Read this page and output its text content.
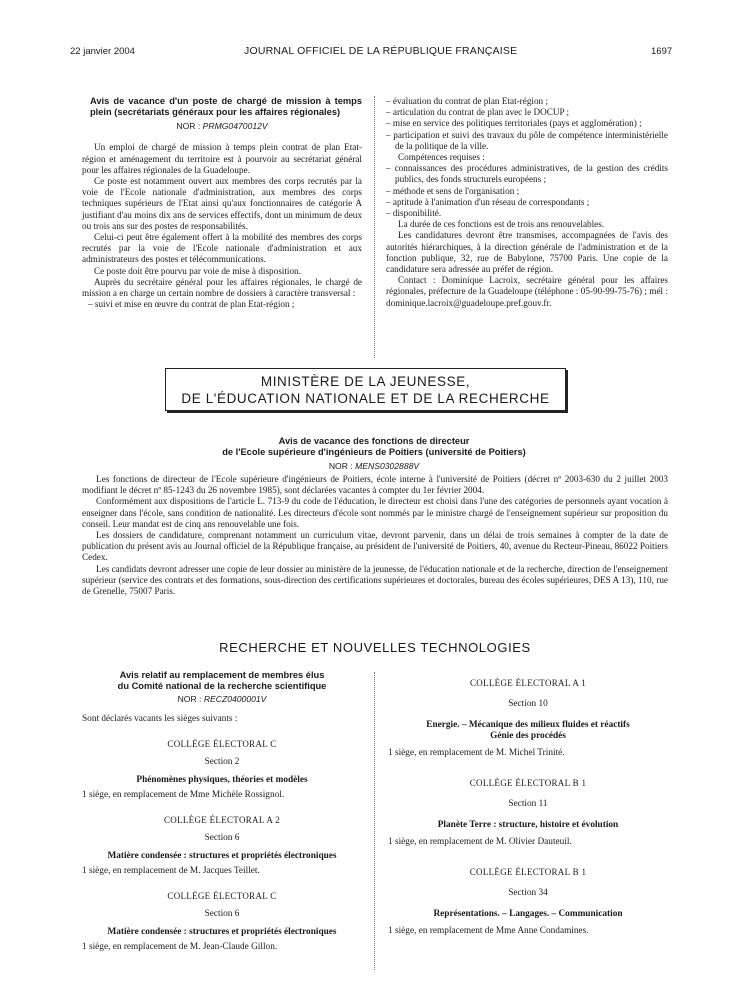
22 janvier 2004	JOURNAL OFFICIEL DE LA RÉPUBLIQUE FRANÇAISE	1697
Avis de vacance d'un poste de chargé de mission à temps plein (secrétariats généraux pour les affaires régionales)
NOR : PRMG0470012V

Un emploi de chargé de mission à temps plein contrat de plan Etat-région et aménagement du territoire est à pourvoir au secrétariat général pour les affaires régionales de la Guadeloupe.

Ce poste est notamment ouvert aux membres des corps recrutés par la voie de l'Ecole nationale d'administration, aux membres des corps techniques supérieurs de l'Etat ainsi qu'aux fonctionnaires de catégorie A justifiant d'au moins dix ans de services effectifs, dont un minimum de deux ou trois ans sur des postes de responsabilités.

Celui-ci peut être également offert à la mobilité des membres des corps recrutés par la voie de l'Ecole nationale d'administration et aux administrateurs des postes et télécommunications.

Ce poste doit être pourvu par voie de mise à disposition.

Auprès du secrétaire général pour les affaires régionales, le chargé de mission a en charge un certain nombre de dossiers à caractère transversal :

– suivi et mise en œuvre du contrat de plan Etat-région ;

– évaluation du contrat de plan Etat-région ;

– articulation du contrat de plan avec le DOCUP ;

– mise en service des politiques territoriales (pays et agglomération) ;

– participation et suivi des travaux du pôle de compétence interministérielle de la politique de la ville.

Compétences requises :

– connaissances des procédures administratives, de la gestion des crédits publics, des fonds structurels européens ;

– méthode et sens de l'organisation ;

– aptitude à l'animation d'un réseau de correspondants ;

– disponibilité.

La durée de ces fonctions est de trois ans renouvelables.

Les candidatures devront être transmises, accompagnées de l'avis des autorités hiérarchiques, à la direction générale de l'administration et de la fonction publique, 32, rue de Babylone, 75700 Paris. Une copie de la candidature sera adressée au préfet de région.

Contact : Dominique Lacroix, secrétaire général pour les affaires régionales, préfecture de la Guadeloupe (téléphone : 05-90-99-75-76) ; mél : dominique.lacroix@guadeloupe.pref.gouv.fr.

MINISTÈRE DE LA JEUNESSE,
DE L'ÉDUCATION NATIONALE ET DE LA RECHERCHE
Avis de vacance des fonctions de directeur
de l'Ecole supérieure d'ingénieurs de Poitiers (université de Poitiers)
NOR : MENS0302888V

Les fonctions de directeur de l'Ecole supérieure d'ingénieurs de Poitiers, école interne à l'université de Poitiers (décret nº 2003-630 du 2 juillet 2003 modifiant le décret nº 85-1243 du 26 novembre 1985), sont déclarées vacantes à compter du 1er février 2004.

Conformément aux dispositions de l'article L. 713-9 du code de l'éducation, le directeur est choisi dans l'une des catégories de personnels ayant vocation à enseigner dans l'école, sans condition de nationalité. Les directeurs d'école sont nommés par le ministre chargé de l'enseignement supérieur sur proposition du conseil. Leur mandat est de cinq ans renouvelable une fois.

Les dossiers de candidature, comprenant notamment un curriculum vitae, devront parvenir, dans un délai de trois semaines à compter de la date de publication du présent avis au Journal officiel de la République française, au président de l'université de Poitiers, 40, avenue du Recteur-Pineau, 86022 Poitiers Cedex.

Les candidats devront adresser une copie de leur dossier au ministère de la jeunesse, de l'éducation nationale et de la recherche, direction de l'enseignement supérieur (service des contrats et des formations, sous-direction des certifications supérieures et doctorales, bureau des écoles supérieures, DES A 13), 110, rue de Grenelle, 75007 Paris.

RECHERCHE ET NOUVELLES TECHNOLOGIES
Avis relatif au remplacement de membres élus
du Comité national de la recherche scientifique
NOR : RECZ0400001V
Sont déclarés vacants les sièges suivants :
COLLÈGE ÉLECTORAL C
Section 2
Phénomènes physiques, théories et modèles
1 siège, en remplacement de Mme Michèle Rossignol.
COLLÈGE ÉLECTORAL A 2
Section 6
Matière condensée : structures et propriétés électroniques
1 siège, en remplacement de M. Jacques Teillet.
COLLÈGE ÉLECTORAL C
Section 6
Matière condensée : structures et propriétés électroniques
1 siège, en remplacement de M. Jean-Claude Gillon.
COLLÈGE ÉLECTORAL A 1
Section 10
Energie. – Mécanique des milieux fluides et réactifs
Génie des procédés
1 siège, en remplacement de M. Michel Trinité.
COLLÈGE ÉLECTORAL B 1
Section 11
Planète Terre : structure, histoire et évolution
1 siège, en remplacement de M. Olivier Dauteuil.
COLLÈGE ÉLECTORAL B 1
Section 34
Représentations. – Langages. – Communication
1 siège, en remplacement de Mme Anne Condamines.
